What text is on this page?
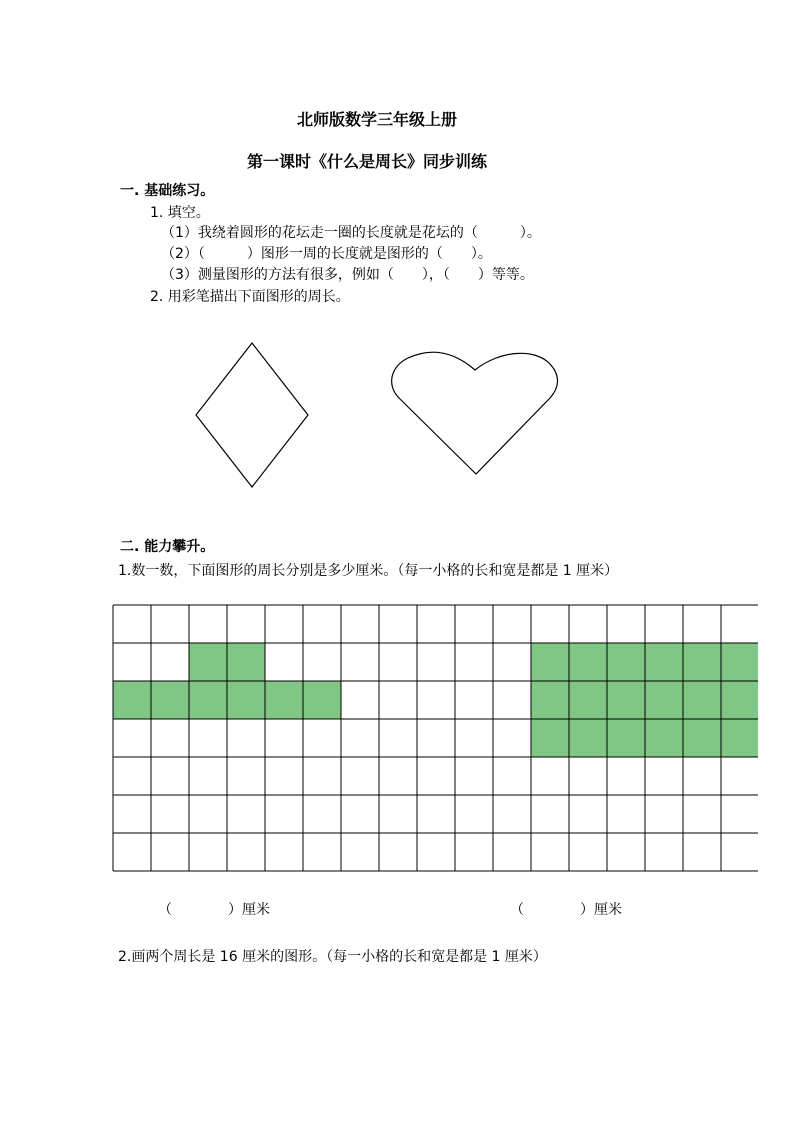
北师版数学三年级上册
第一课时《什么是周长》同步训练
一. 基础练习。
1. 填空。
（1）我绕着圆形的花坛走一圈的长度就是花坛的（　　　）。
（2）（　　　）图形一周的长度就是图形的（　　）。
（3）测量图形的方法有很多，例如（　　），（　　）等等。
2. 用彩笔描出下面图形的周长。
二. 能力攀升。
1.数一数，下面图形的周长分别是多少厘米。（每一小格的长和宽是都是 1 厘米）
（　　　　）厘米	（　　　　）厘米
2.画两个周长是 16 厘米的图形。（每一小格的长和宽是都是 1 厘米）
